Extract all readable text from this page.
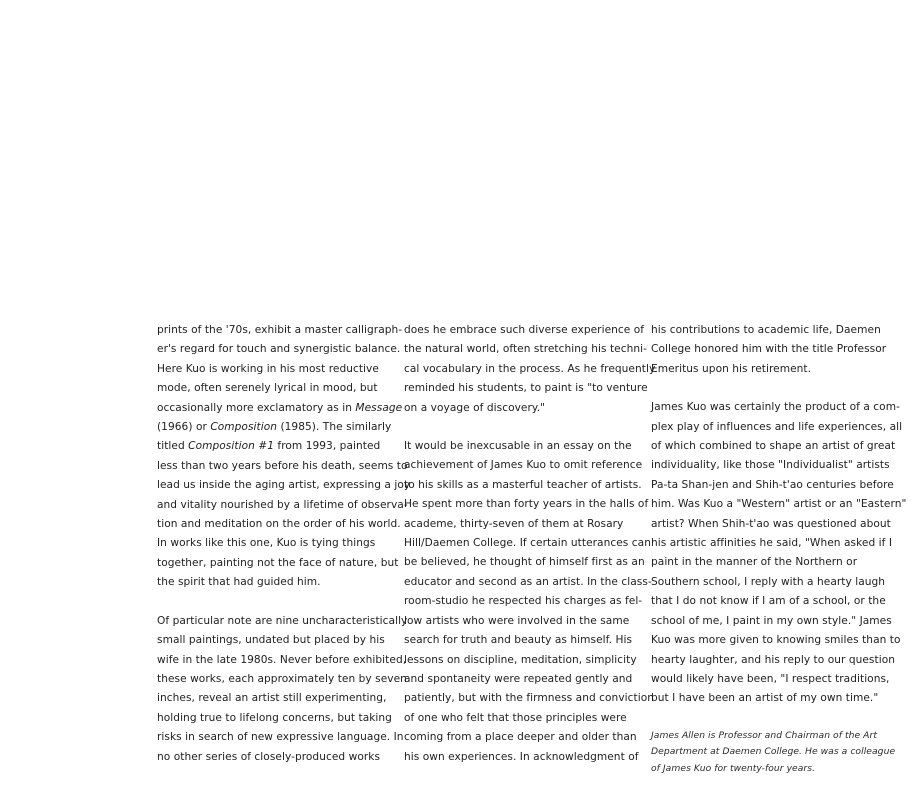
prints of the '70s, exhibit a master calligraph-
er's regard for touch and synergistic balance.
Here Kuo is working in his most reductive
mode, often serenely lyrical in mood, but
occasionally more exclamatory as in Message
(1966) or Composition (1985). The similarly
titled Composition #1 from 1993, painted
less than two years before his death, seems to
lead us inside the aging artist, expressing a joy
and vitality nourished by a lifetime of observa-
tion and meditation on the order of his world.
In works like this one, Kuo is tying things
together, painting not the face of nature, but
the spirit that had guided him.

Of particular note are nine uncharacteristically
small paintings, undated but placed by his
wife in the late 1980s. Never before exhibited,
these works, each approximately ten by seven
inches, reveal an artist still experimenting,
holding true to lifelong concerns, but taking
risks in search of new expressive language. In
no other series of closely-produced works

does he embrace such diverse experience of
the natural world, often stretching his techni-
cal vocabulary in the process. As he frequently
reminded his students, to paint is "to venture
on a voyage of discovery."

It would be inexcusable in an essay on the
achievement of James Kuo to omit reference
to his skills as a masterful teacher of artists.
He spent more than forty years in the halls of
academe, thirty-seven of them at Rosary
Hill/Daemen College. If certain utterances can
be believed, he thought of himself first as an
educator and second as an artist. In the class-
room-studio he respected his charges as fel-
low artists who were involved in the same
search for truth and beauty as himself. His
lessons on discipline, meditation, simplicity
and spontaneity were repeated gently and
patiently, but with the firmness and conviction
of one who felt that those principles were
coming from a place deeper and older than
his own experiences. In acknowledgment of

his contributions to academic life, Daemen
College honored him with the title Professor
Emeritus upon his retirement.

James Kuo was certainly the product of a com-
plex play of influences and life experiences, all
of which combined to shape an artist of great
individuality, like those "Individualist" artists
Pa-ta Shan-jen and Shih-t'ao centuries before
him. Was Kuo a "Western" artist or an "Eastern"
artist? When Shih-t'ao was questioned about
his artistic affinities he said, "When asked if I
paint in the manner of the Northern or
Southern school, I reply with a hearty laugh
that I do not know if I am of a school, or the
school of me, I paint in my own style." James
Kuo was more given to knowing smiles than to
hearty laughter, and his reply to our question
would likely have been, "I respect traditions,
but I have been an artist of my own time."

James Allen is Professor and Chairman of the Art
Department at Daemen College. He was a colleague
of James Kuo for twenty-four years.
